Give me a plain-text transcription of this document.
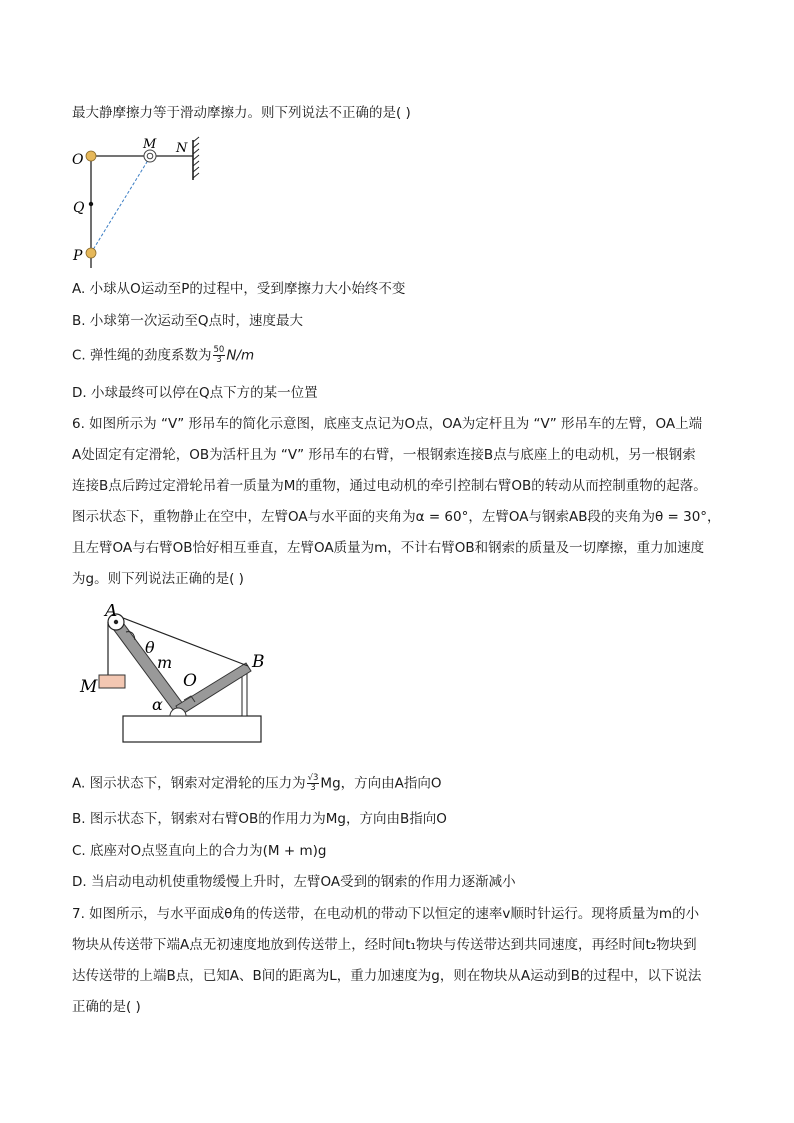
最大静摩擦力等于滑动摩擦力。则下列说法不正确的是( )
O
M N
Q
P
A. 小球从O运动至P的过程中，受到摩擦力大小始终不变
B. 小球第一次运动至Q点时，速度最大
C. 弹性绳的劲度系数为 $\frac{50}{3} N/m$
D. 小球最终可以停在Q点下方的某一位置
6. 如图所示为 “V” 形吊车的简化示意图，底座支点记为O点，OA为定杆且为 “V” 形吊车的左臂，OA上端
A处固定有定滑轮，OB为活杆且为 “V” 形吊车的右臂，一根钢索连接B点与底座上的电动机，另一根钢索
连接B点后跨过定滑轮吊着一质量为M的重物，通过电动机的牵引控制右臂OB的转动从而控制重物的起落。
图示状态下，重物静止在空中，左臂OA与水平面的夹角为α = 60°，左臂OA与钢索AB段的夹角为θ = 30°，
且左臂OA与右臂OB恰好相互垂直，左臂OA质量为m，不计右臂OB和钢索的质量及一切摩擦，重力加速度
为g。则下列说法正确的是( )
A
B
O
M
m
θ
α
A. 图示状态下，钢索对定滑轮的压力为 $\frac{√3}{3}$ Mg，方向由A指向O
B. 图示状态下，钢索对右臂OB的作用力为Mg，方向由B指向O
C. 底座对O点竖直向上的合力为(M + m)g
D. 当启动电动机使重物缓慢上升时，左臂OA受到的钢索的作用力逐渐减小
7. 如图所示，与水平面成θ角的传送带，在电动机的带动下以恒定的速率v顺时针运行。现将质量为m的小
物块从传送带下端A点无初速度地放到传送带上，经时间t₁物块与传送带达到共同速度，再经时间t₂物块到
达传送带的上端B点，已知A、B间的距离为L，重力加速度为g，则在物块从A运动到B的过程中，以下说法
正确的是( )
